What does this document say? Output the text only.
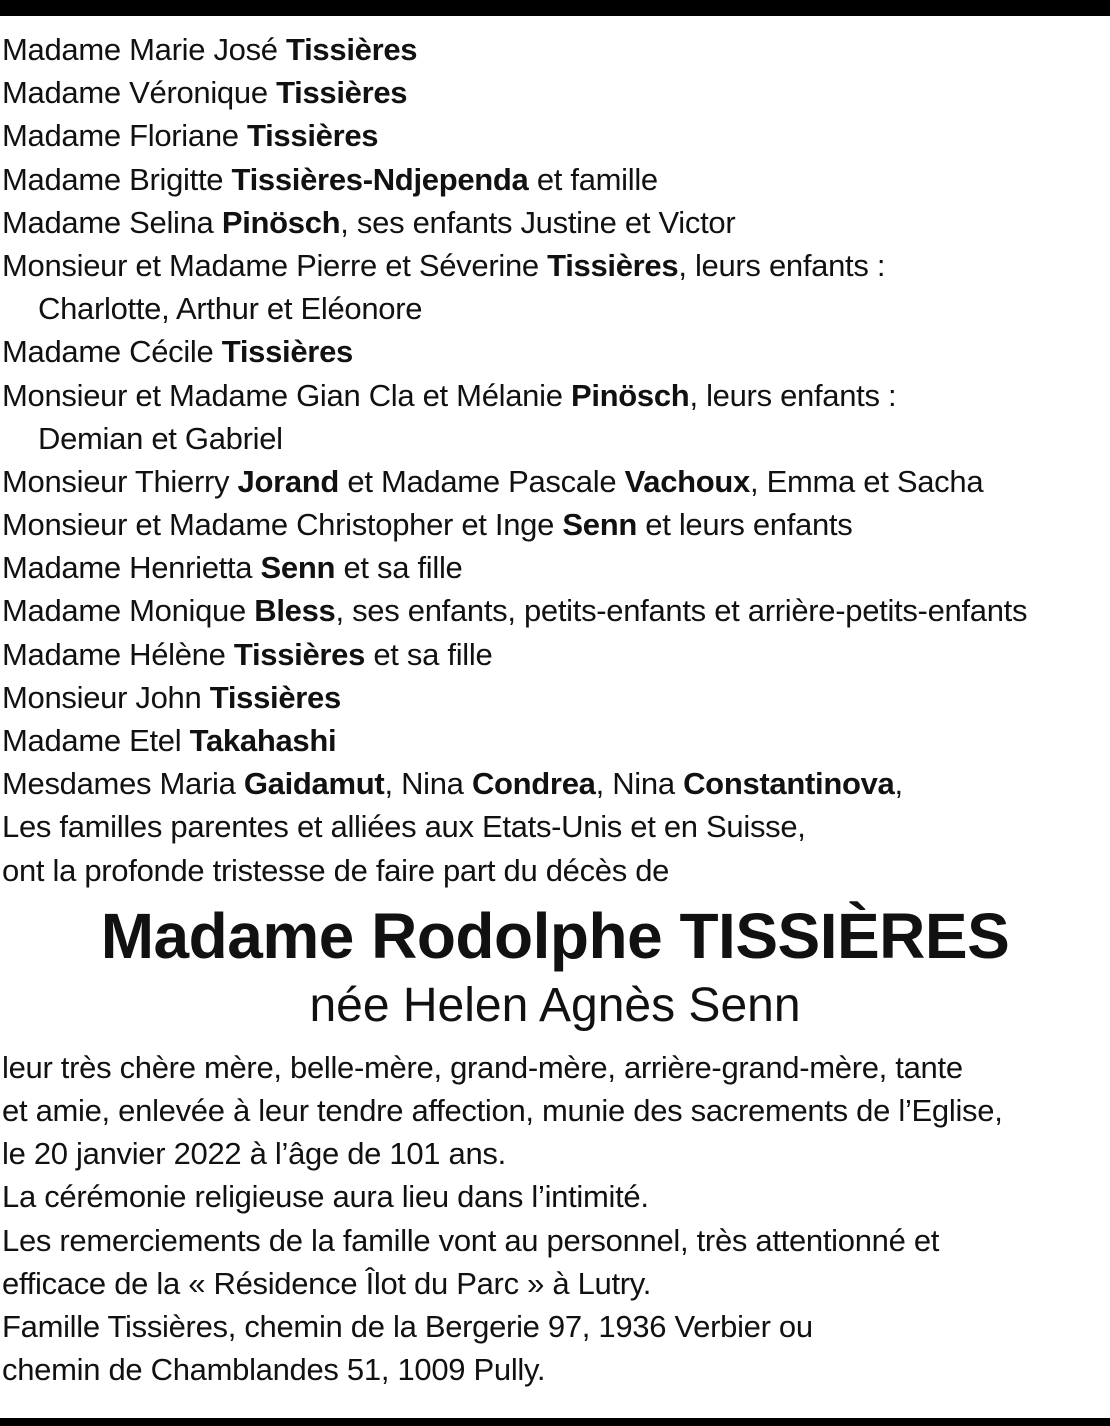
Madame Marie José Tissières
Madame Véronique Tissières
Madame Floriane Tissières
Madame Brigitte Tissières-Ndjependa et famille
Madame Selina Pinösch, ses enfants Justine et Victor
Monsieur et Madame Pierre et Séverine Tissières, leurs enfants :
Charlotte, Arthur et Eléonore
Madame Cécile Tissières
Monsieur et Madame Gian Cla et Mélanie Pinösch, leurs enfants :
Demian et Gabriel
Monsieur Thierry Jorand et Madame Pascale Vachoux, Emma et Sacha
Monsieur et Madame Christopher et Inge Senn et leurs enfants
Madame Henrietta Senn et sa fille
Madame Monique Bless, ses enfants, petits-enfants et arrière-petits-enfants
Madame Hélène Tissières et sa fille
Monsieur John Tissières
Madame Etel Takahashi
Mesdames Maria Gaidamut, Nina Condrea, Nina Constantinova,
Les familles parentes et alliées aux Etats-Unis et en Suisse,
ont la profonde tristesse de faire part du décès de
Madame Rodolphe TISSIÈRES
née Helen Agnès Senn
leur très chère mère, belle-mère, grand-mère, arrière-grand-mère, tante
et amie, enlevée à leur tendre affection, munie des sacrements de l’Eglise,
le 20 janvier 2022 à l’âge de 101 ans.
La cérémonie religieuse aura lieu dans l’intimité.
Les remerciements de la famille vont au personnel, très attentionné et
efficace de la « Résidence Îlot du Parc » à Lutry.
Famille Tissières, chemin de la Bergerie 97, 1936 Verbier ou
chemin de Chamblandes 51, 1009 Pully.
